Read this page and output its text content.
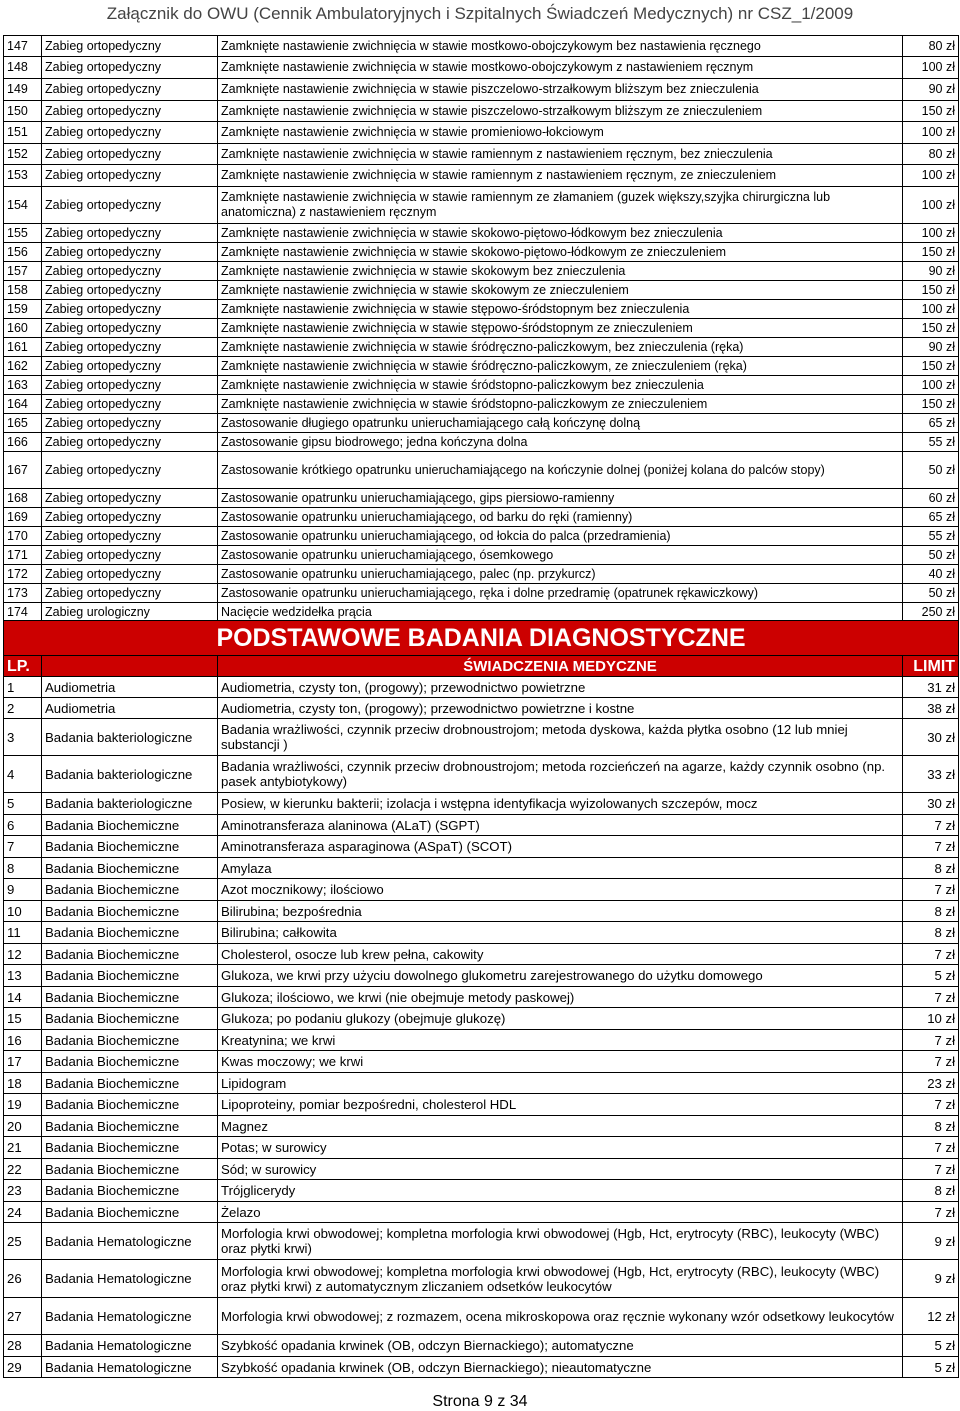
Załącznik do OWU (Cennik Ambulatoryjnych i Szpitalnych Świadczeń Medycznych) nr CSZ_1/2009
147	Zabieg ortopedyczny	Zamknięte nastawienie zwichnięcia w stawie mostkowo-obojczykowym bez nastawienia ręcznego	80 zł
148	Zabieg ortopedyczny	Zamknięte nastawienie zwichnięcia w stawie mostkowo-obojczykowym z nastawieniem ręcznym	100 zł
149	Zabieg ortopedyczny	Zamknięte nastawienie zwichnięcia w stawie piszczelowo-strzałkowym bliższym bez znieczulenia	90 zł
150	Zabieg ortopedyczny	Zamknięte nastawienie zwichnięcia w stawie piszczelowo-strzałkowym bliższym ze znieczuleniem	150 zł
151	Zabieg ortopedyczny	Zamknięte nastawienie zwichnięcia w stawie promieniowo-łokciowym	100 zł
152	Zabieg ortopedyczny	Zamknięte nastawienie zwichnięcia w stawie ramiennym z nastawieniem ręcznym, bez znieczulenia	80 zł
153	Zabieg ortopedyczny	Zamknięte nastawienie zwichnięcia w stawie ramiennym z nastawieniem ręcznym, ze znieczuleniem	100 zł
154	Zabieg ortopedyczny	Zamknięte nastawienie zwichnięcia w stawie ramiennym ze złamaniem (guzek większy,szyjka chirurgiczna lub anatomiczna) z nastawieniem ręcznym	100 zł
155	Zabieg ortopedyczny	Zamknięte nastawienie zwichnięcia w stawie skokowo-piętowo-łódkowym bez znieczulenia	100 zł
156	Zabieg ortopedyczny	Zamknięte nastawienie zwichnięcia w stawie skokowo-piętowo-łódkowym ze znieczuleniem	150 zł
157	Zabieg ortopedyczny	Zamknięte nastawienie zwichnięcia w stawie skokowym bez znieczulenia	90 zł
158	Zabieg ortopedyczny	Zamknięte nastawienie zwichnięcia w stawie skokowym ze znieczuleniem	150 zł
159	Zabieg ortopedyczny	Zamknięte nastawienie zwichnięcia w stawie stępowo-śródstopnym bez znieczulenia	100 zł
160	Zabieg ortopedyczny	Zamknięte nastawienie zwichnięcia w stawie stępowo-śródstopnym ze znieczuleniem	150 zł
161	Zabieg ortopedyczny	Zamknięte nastawienie zwichnięcia w stawie śródręczno-paliczkowym, bez znieczulenia (ręka)	90 zł
162	Zabieg ortopedyczny	Zamknięte nastawienie zwichnięcia w stawie śródręczno-paliczkowym, ze znieczuleniem (ręka)	150 zł
163	Zabieg ortopedyczny	Zamknięte nastawienie zwichnięcia w stawie śródstopno-paliczkowym bez znieczulenia	100 zł
164	Zabieg ortopedyczny	Zamknięte nastawienie zwichnięcia w stawie śródstopno-paliczkowym ze znieczuleniem	150 zł
165	Zabieg ortopedyczny	Zastosowanie długiego opatrunku unieruchamiającego całą kończynę dolną	65 zł
166	Zabieg ortopedyczny	Zastosowanie gipsu biodrowego; jedna kończyna dolna	55 zł
167	Zabieg ortopedyczny	Zastosowanie krótkiego opatrunku unieruchamiającego na kończynie dolnej (poniżej kolana do palców stopy)	50 zł
168	Zabieg ortopedyczny	Zastosowanie opatrunku unieruchamiającego, gips piersiowo-ramienny	60 zł
169	Zabieg ortopedyczny	Zastosowanie opatrunku unieruchamiającego, od barku do ręki (ramienny)	65 zł
170	Zabieg ortopedyczny	Zastosowanie opatrunku unieruchamiającego, od łokcia do palca (przedramienia)	55 zł
171	Zabieg ortopedyczny	Zastosowanie opatrunku unieruchamiającego, ósemkowego	50 zł
172	Zabieg ortopedyczny	Zastosowanie opatrunku unieruchamiającego, palec (np. przykurcz)	40 zł
173	Zabieg ortopedyczny	Zastosowanie opatrunku unieruchamiającego, ręka i dolne przedramię (opatrunek rękawiczkowy)	50 zł
174	Zabieg urologiczny	Nacięcie wedzidełka prącia	250 zł
PODSTAWOWE BADANIA DIAGNOSTYCZNE			
LP.		ŚWIADCZENIA MEDYCZNE	LIMIT
1	Audiometria	Audiometria, czysty ton, (progowy); przewodnictwo powietrzne	31 zł
2	Audiometria	Audiometria, czysty ton, (progowy); przewodnictwo powietrzne i kostne	38 zł
3	Badania bakteriologiczne	Badania wrażliwości, czynnik przeciw drobnoustrojom; metoda dyskowa, każda płytka osobno (12 lub mniej substancji )	30 zł
4	Badania bakteriologiczne	Badania wrażliwości, czynnik przeciw drobnoustrojom; metoda rozcieńczeń na agarze, każdy czynnik osobno (np. pasek antybiotykowy)	33 zł
5	Badania bakteriologiczne	Posiew, w kierunku bakterii; izolacja i wstępna identyfikacja wyizolowanych szczepów, mocz	30 zł
6	Badania Biochemiczne	Aminotransferaza alaninowa (ALaT) (SGPT)	7 zł
7	Badania Biochemiczne	Aminotransferaza asparaginowa (ASpaT) (SCOT)	7 zł
8	Badania Biochemiczne	Amylaza	8 zł
9	Badania Biochemiczne	Azot mocznikowy; ilościowo	7 zł
10	Badania Biochemiczne	Bilirubina; bezpośrednia	8 zł
11	Badania Biochemiczne	Bilirubina; całkowita	8 zł
12	Badania Biochemiczne	Cholesterol, osocze lub krew pełna, cakowity	7 zł
13	Badania Biochemiczne	Glukoza, we krwi przy użyciu dowolnego glukometru zarejestrowanego do użytku domowego	5 zł
14	Badania Biochemiczne	Glukoza; ilościowo, we krwi (nie obejmuje metody paskowej)	7 zł
15	Badania Biochemiczne	Glukoza; po podaniu glukozy (obejmuje glukozę)	10 zł
16	Badania Biochemiczne	Kreatynina; we krwi	7 zł
17	Badania Biochemiczne	Kwas moczowy; we krwi	7 zł
18	Badania Biochemiczne	Lipidogram	23 zł
19	Badania Biochemiczne	Lipoproteiny, pomiar bezpośredni, cholesterol HDL	7 zł
20	Badania Biochemiczne	Magnez	8 zł
21	Badania Biochemiczne	Potas; w surowicy	7 zł
22	Badania Biochemiczne	Sód; w surowicy	7 zł
23	Badania Biochemiczne	Trójglicerydy	8 zł
24	Badania Biochemiczne	Żelazo	7 zł
25	Badania Hematologiczne	Morfologia krwi obwodowej; kompletna morfologia krwi obwodowej (Hgb, Hct, erytrocyty (RBC), leukocyty (WBC) oraz płytki krwi)	9 zł
26	Badania Hematologiczne	Morfologia krwi obwodowej; kompletna morfologia krwi obwodowej (Hgb, Hct, erytrocyty (RBC), leukocyty (WBC) oraz płytki krwi) z automatycznym zliczaniem odsetków leukocytów	9 zł
27	Badania Hematologiczne	Morfologia krwi obwodowej; z rozmazem, ocena mikroskopowa oraz ręcznie wykonany wzór odsetkowy leukocytów	12 zł
28	Badania Hematologiczne	Szybkość opadania krwinek (OB, odczyn Biernackiego); automatyczne	5 zł
29	Badania Hematologiczne	Szybkość opadania krwinek (OB, odczyn Biernackiego); nieautomatyczne	5 zł
Strona 9 z 34
